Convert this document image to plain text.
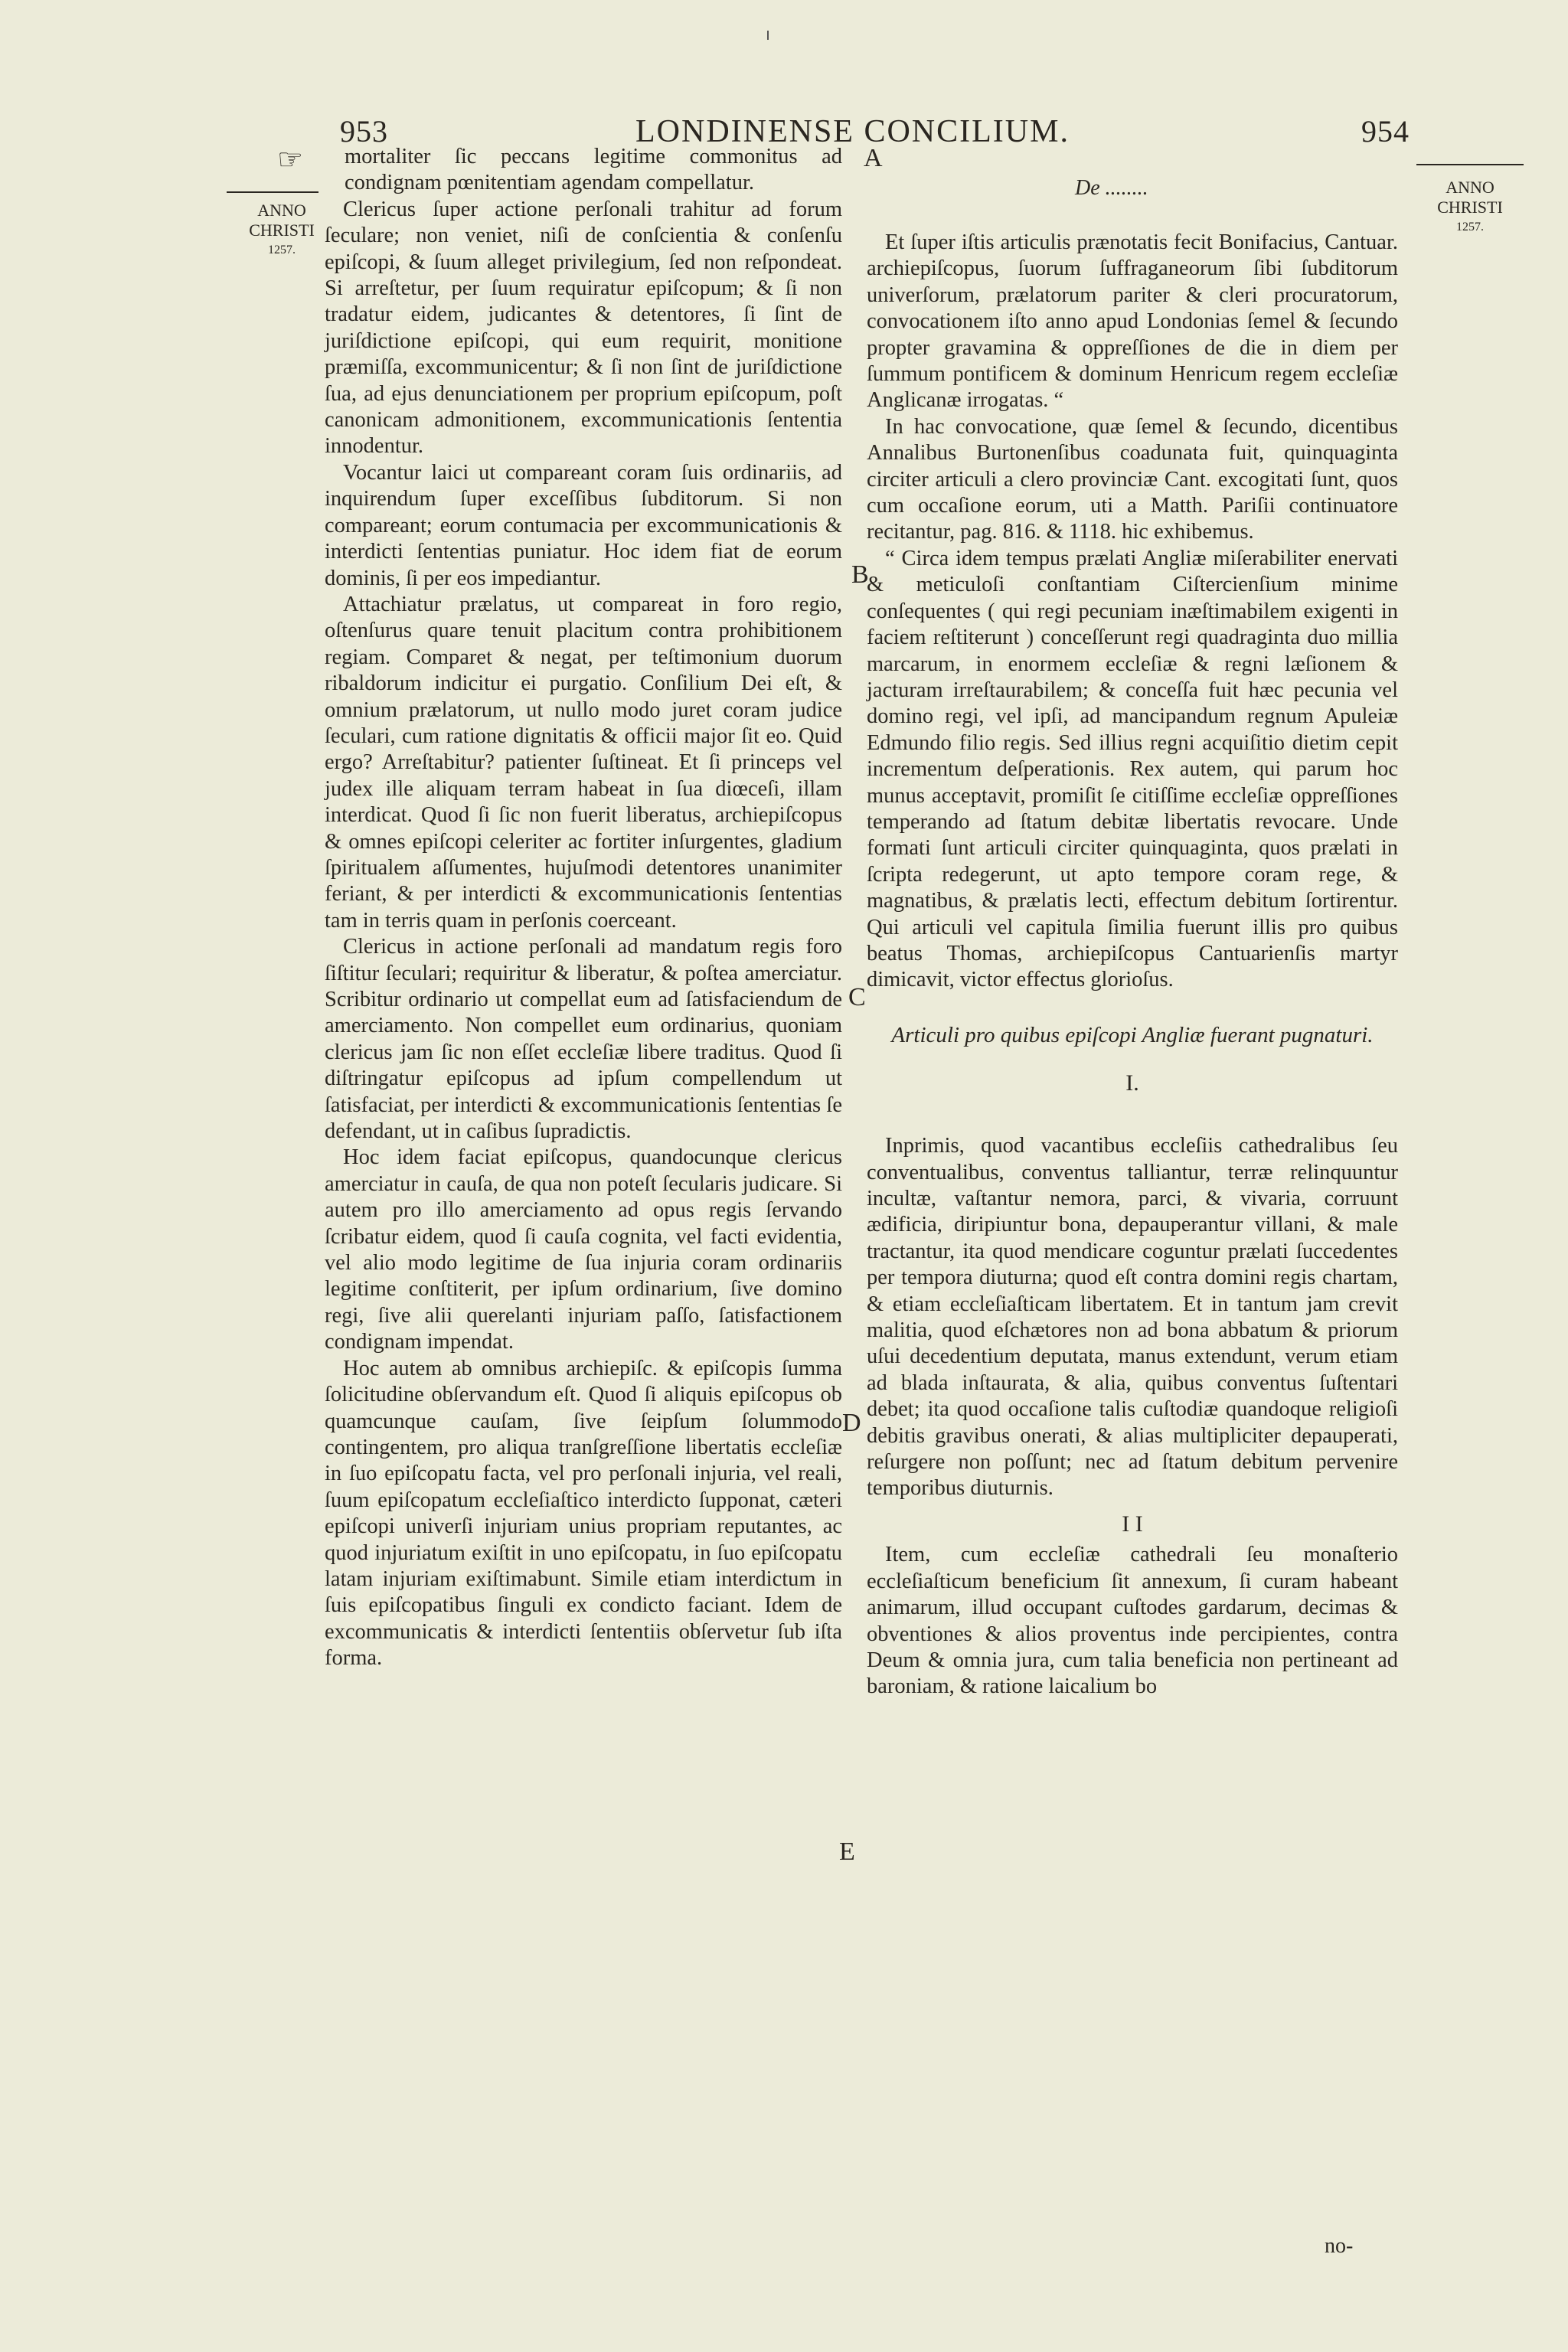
953	LONDINENSE CONCILIUM.	954
☞
ANNO
CHRISTI
1257.
ANNO
CHRISTI
1257.
A
B
C
D
E

mortaliter ſic peccans legitime commonitus ad condignam pœnitentiam agendam compellatur.

Clericus ſuper actione perſonali trahitur ad forum ſeculare; non veniet, niſi de conſcientia & conſenſu epiſcopi, & ſuum alleget privilegium, ſed non reſpondeat. Si arreſtetur, per ſuum requiratur epiſcopum; & ſi non tradatur eidem, judicantes & detentores, ſi ſint de juriſdictione epiſcopi, qui eum requirit, monitione præmiſſa, excommunicentur; & ſi non ſint de juriſdictione ſua, ad ejus denunciationem per proprium epiſcopum, poſt canonicam admonitionem, excommunicationis ſententia innodentur.

Vocantur laici ut compareant coram ſuis ordinariis, ad inquirendum ſuper exceſſibus ſubditorum. Si non compareant; eorum contumacia per excommunicationis & interdicti ſententias puniatur. Hoc idem fiat de eorum dominis, ſi per eos impediantur.

Attachiatur prælatus, ut compareat in foro regio, oſtenſurus quare tenuit placitum contra prohibitionem regiam. Comparet & negat, per teſtimonium duorum ribaldorum indicitur ei purgatio. Conſilium Dei eſt, & omnium prælatorum, ut nullo modo juret coram judice ſeculari, cum ratione dignitatis & officii major ſit eo. Quid ergo? Arreſtabitur? patienter ſuſtineat. Et ſi princeps vel judex ille aliquam terram habeat in ſua diœceſi, illam interdicat. Quod ſi ſic non fuerit liberatus, archiepiſcopus & omnes epiſcopi celeriter ac fortiter inſurgentes, gladium ſpiritualem aſſumentes, hujuſmodi detentores unanimiter feriant, & per interdicti & excommunicationis ſententias tam in terris quam in perſonis coerceant.

Clericus in actione perſonali ad mandatum regis foro ſiſtitur ſeculari; requiritur & liberatur, & poſtea amerciatur. Scribitur ordinario ut compellat eum ad ſatisfaciendum de amerciamento. Non compellet eum ordinarius, quoniam clericus jam ſic non eſſet eccleſiæ libere traditus. Quod ſi diſtringatur epiſcopus ad ipſum compellendum ut ſatisfaciat, per interdicti & excommunicationis ſententias ſe defendant, ut in caſibus ſupradictis.

Hoc idem faciat epiſcopus, quandocunque clericus amerciatur in cauſa, de qua non poteſt ſecularis judicare. Si autem pro illo amerciamento ad opus regis ſervando ſcribatur eidem, quod ſi cauſa cognita, vel facti evidentia, vel alio modo legitime de ſua injuria coram ordinariis legitime conſtiterit, per ipſum ordinarium, ſive domino regi, ſive alii querelanti injuriam paſſo, ſatisfactionem condignam impendat.

Hoc autem ab omnibus archiepiſc. & epiſcopis ſumma ſolicitudine obſervandum eſt. Quod ſi aliquis epiſcopus ob quamcunque cauſam, ſive ſeipſum ſolummodo contingentem, pro aliqua tranſgreſſione libertatis eccleſiæ in ſuo epiſcopatu facta, vel pro perſonali injuria, vel reali, ſuum epiſcopatum eccleſiaſtico interdicto ſupponat, cæteri epiſcopi univerſi injuriam unius propriam reputantes, ac quod injuriatum exiſtit in uno epiſcopatu, in ſuo epiſcopatu latam injuriam exiſtimabunt. Simile etiam interdictum in ſuis epiſcopatibus ſinguli ex condicto faciant. Idem de excommunicatis & interdicti ſententiis obſervetur ſub iſta forma.

De ........

Et ſuper iſtis articulis prænotatis fecit Bonifacius, Cantuar. archiepiſcopus, ſuorum ſuffraganeorum ſibi ſubditorum univerſorum, prælatorum pariter & cleri procuratorum, convocationem iſto anno apud Londonias ſemel & ſecundo propter gravamina & oppreſſiones de die in diem per ſummum pontificem & dominum Henricum regem eccleſiæ Anglicanæ irrogatas. “

In hac convocatione, quæ ſemel & ſecundo, dicentibus Annalibus Burtonenſibus coadunata fuit, quinquaginta circiter articuli a clero provinciæ Cant. excogitati ſunt, quos cum occaſione eorum, uti a Matth. Pariſii continuatore recitantur, pag. 816. & 1118. hic exhibemus.

“ Circa idem tempus prælati Angliæ miſerabiliter enervati & meticuloſi conſtantiam Ciſtercienſium minime conſequentes ( qui regi pecuniam inæſtimabilem exigenti in faciem reſtiterunt ) conceſſerunt regi quadraginta duo millia marcarum, in enormem eccleſiæ & regni læſionem & jacturam irreſtaurabilem; & conceſſa fuit hæc pecunia vel domino regi, vel ipſi, ad mancipandum regnum Apuleiæ Edmundo filio regis. Sed illius regni acquiſitio dietim cepit incrementum deſperationis. Rex autem, qui parum hoc munus acceptavit, promiſit ſe citiſſime eccleſiæ oppreſſiones temperando ad ſtatum debitæ libertatis revocare. Unde formati ſunt articuli circiter quinquaginta, quos prælati in ſcripta redegerunt, ut apto tempore coram rege, & magnatibus, & prælatis lecti, effectum debitum ſortirentur. Qui articuli vel capitula ſimilia fuerunt illis pro quibus beatus Thomas, archiepiſcopus Cantuarienſis martyr dimicavit, victor effectus glorioſus.

Articuli pro quibus epiſcopi Angliæ fuerant pugnaturi.
I.

Inprimis, quod vacantibus eccleſiis cathedralibus ſeu conventualibus, conventus talliantur, terræ relinquuntur incultæ, vaſtantur nemora, parci, & vivaria, corruunt ædificia, diripiuntur bona, depauperantur villani, & male tractantur, ita quod mendicare coguntur prælati ſuccedentes per tempora diuturna; quod eſt contra domini regis chartam, & etiam eccleſiaſticam libertatem. Et in tantum jam crevit malitia, quod eſchætores non ad bona abbatum & priorum uſui decedentium deputata, manus extendunt, verum etiam ad blada inſtaurata, & alia, quibus conventus ſuſtentari debet; ita quod occaſione talis cuſtodiæ quandoque religioſi debitis gravibus onerati, & alias multipliciter depauperati, reſurgere non poſſunt; nec ad ſtatum debitum pervenire temporibus diuturnis.

I I

Item, cum eccleſiæ cathedrali ſeu monaſterio eccleſiaſticum beneficium ſit annexum, ſi curam habeant animarum, illud occupant cuſtodes gardarum, decimas & obventiones & alios proventus inde percipientes, contra Deum & omnia jura, cum talia beneficia non pertineant ad baroniam, & ratione laicalium bo

no-
